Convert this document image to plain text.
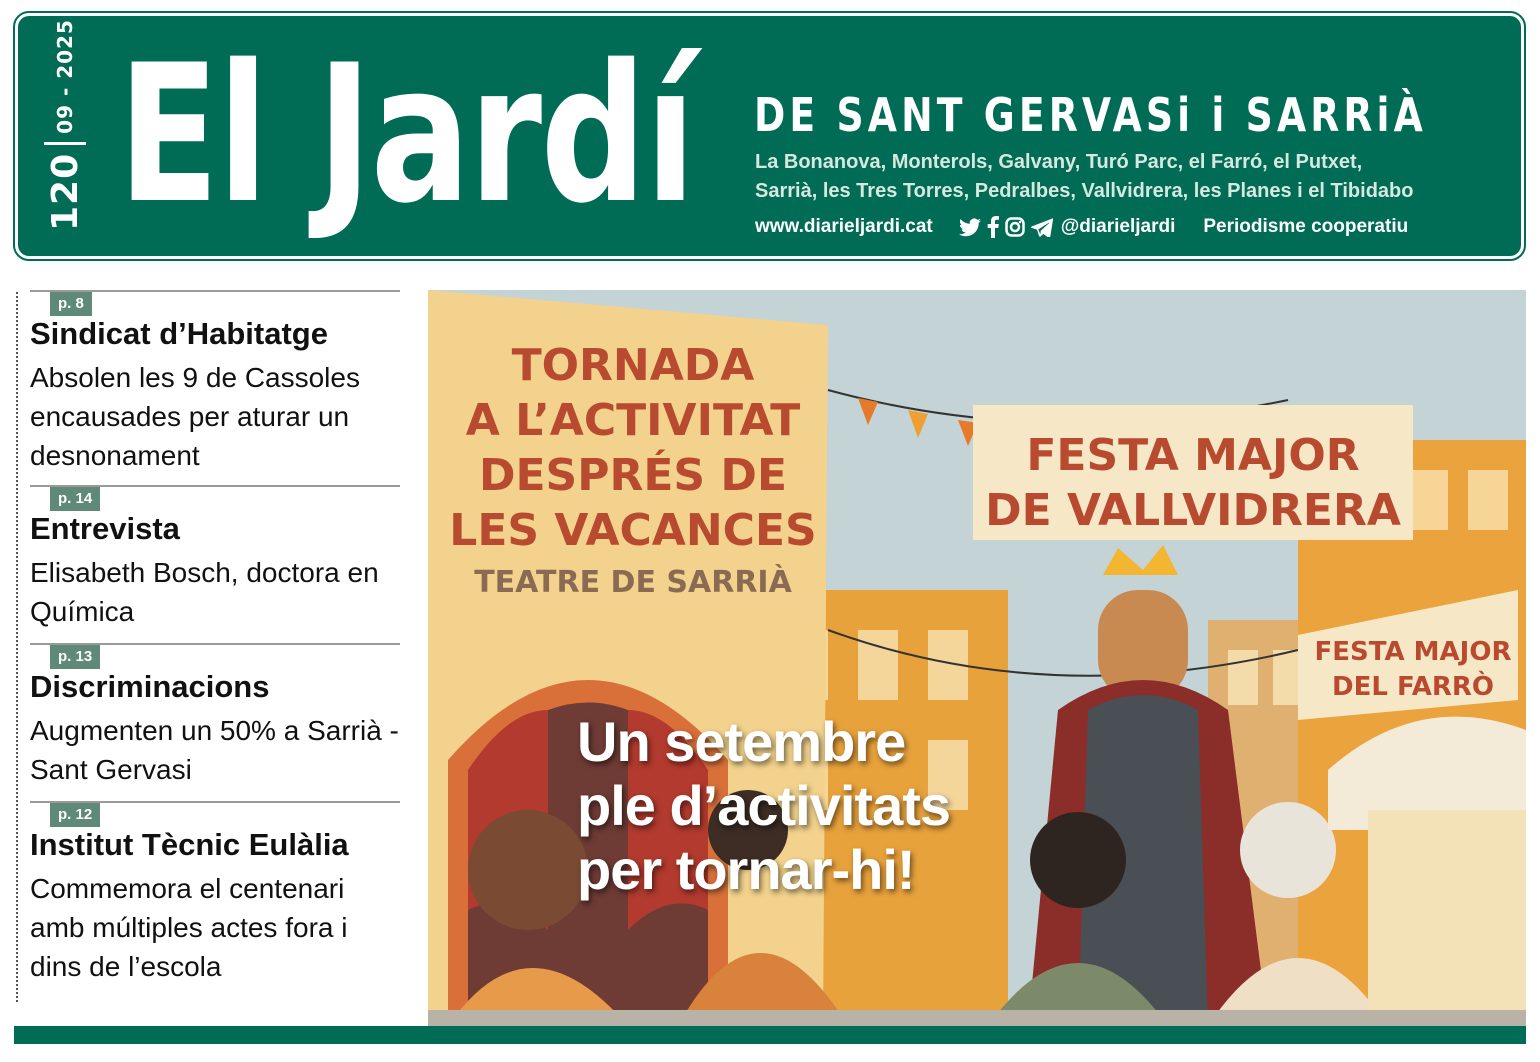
120
09 - 2025 El Jardí DE SANT GERVASi i SARRiÀ
La Bonanova, Monterols, Galvany, Turó Parc, el Farró, el Putxet,
Sarrià, les Tres Torres, Pedralbes, Vallvidrera, les Planes i el Tibidabo
www.diarieljardi.cat	@diarieljardi Periodisme cooperatiu
p. 8
Sindicat d’Habitatge
Absolen les 9 de Cassoles encausades per aturar un desnonament
p. 14
Entrevista
Elisabeth Bosch, doctora en Química
p. 13
Discriminacions
Augmenten un 50% a Sarrià - Sant Gervasi
p. 12
Institut Tècnic Eulàlia
Commemora el centenari amb múltiples actes fora i dins de l’escola
TORNADA
A L’ACTIVITAT
DESPRÉS DE
LES VACANCES
TEATRE DE SARRIÀ
FESTA MAJOR
DE VALLVIDRERA
FESTA MAJOR
DEL FARRÒ
Un setembre
ple d’activitats
per tornar-hi!
